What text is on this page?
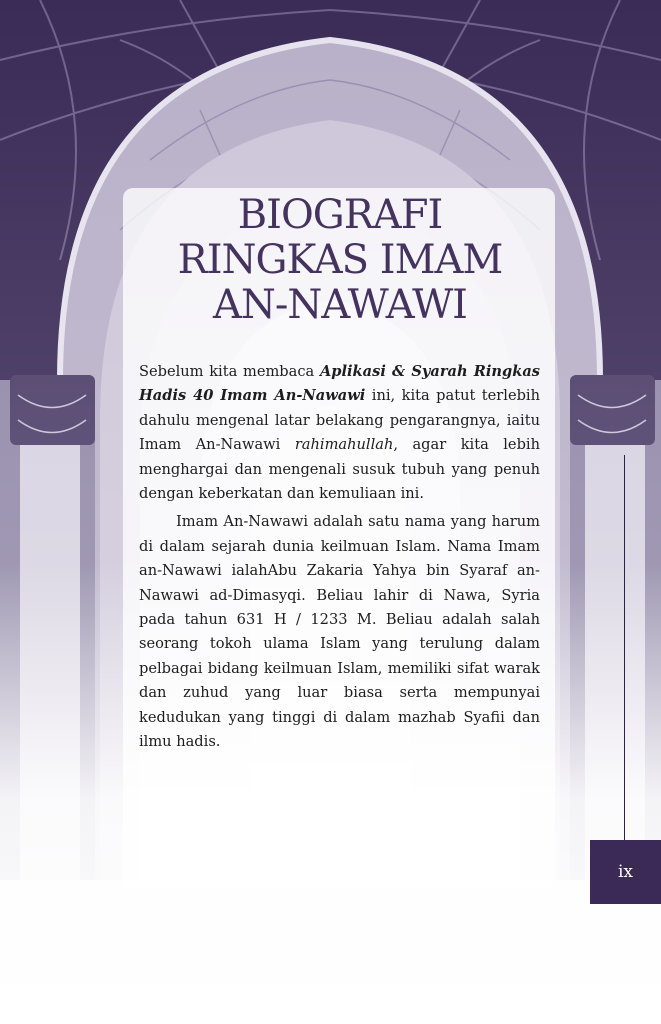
BIOGRAFI
RINGKAS IMAM
AN-NAWAWI

Sebelum kita membaca Aplikasi & Syarah Ringkas Hadis 40 Imam An-Nawawi ini, kita patut terlebih dahulu mengenal latar belakang pengarangnya, iaitu Imam An-Nawawi rahimahullah, agar kita lebih menghargai dan mengenali susuk tubuh yang penuh dengan keberkatan dan kemuliaan ini.

Imam An-Nawawi adalah satu nama yang harum di dalam sejarah dunia keilmuan Islam. Nama Imam an-Nawawi ialahAbu Zakaria Yahya bin Syaraf an-Nawawi ad-Dimasyqi. Beliau lahir di Nawa, Syria pada tahun 631 H / 1233 M. Beliau adalah salah seorang tokoh ulama Islam yang terulung dalam pelbagai bidang keilmuan Islam, memiliki sifat warak dan zuhud yang luar biasa serta mempunyai kedudukan yang tinggi di dalam mazhab Syafii dan ilmu hadis.

ix
